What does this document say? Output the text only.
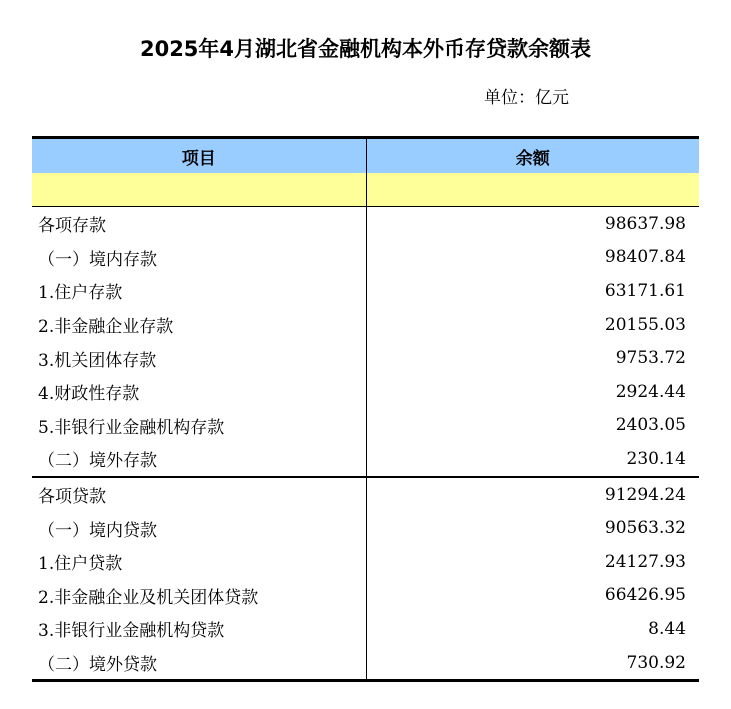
2025年4月湖北省金融机构本外币存贷款余额表
单位：亿元
项目	余额

各项存款	98637.98
（一）境内存款	98407.84
1.住户存款	63171.61
2.非金融企业存款	20155.03
3.机关团体存款	9753.72
4.财政性存款	2924.44
5.非银行业金融机构存款	2403.05
（二）境外存款	230.14
各项贷款	91294.24
（一）境内贷款	90563.32
1.住户贷款	24127.93
2.非金融企业及机关团体贷款	66426.95
3.非银行业金融机构贷款	8.44
（二）境外贷款	730.92
